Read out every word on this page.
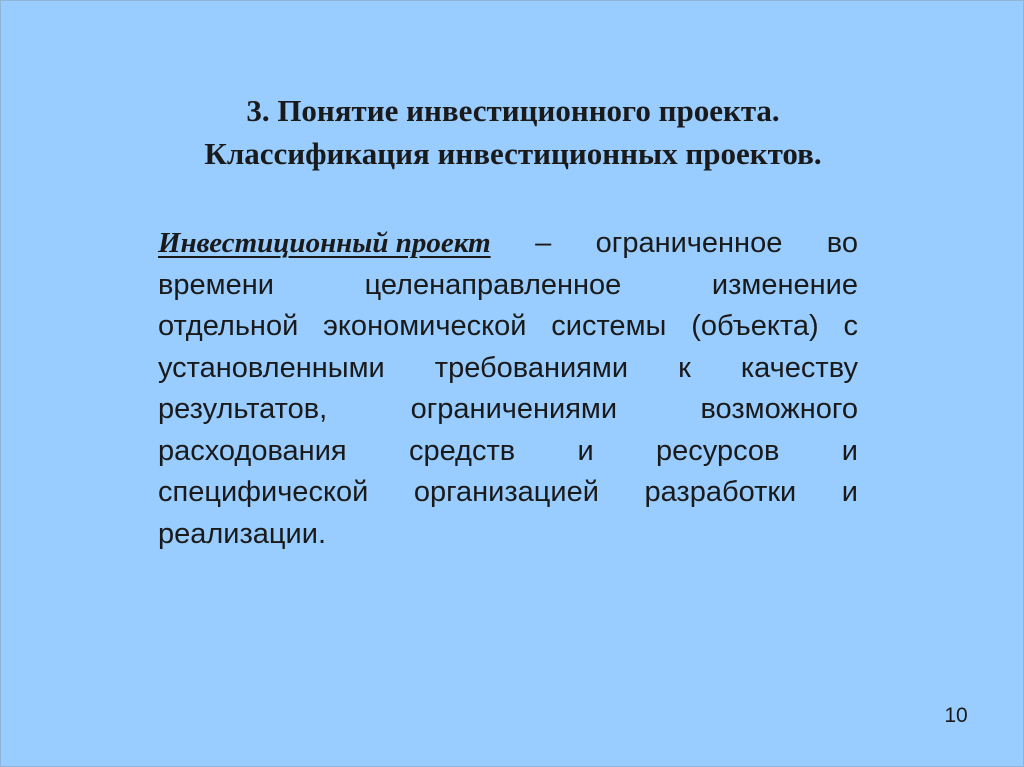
3. Понятие инвестиционного проекта.
Классификация инвестиционных проектов.
Инвестиционный проект – ограниченное во
времени	целенаправленное	изменение
отдельной экономической системы (объекта) с
установленными требованиями к качеству
результатов,	ограничениями	возможного
расходования средств и ресурсов и
специфической организацией разработки и
реализации.
10
